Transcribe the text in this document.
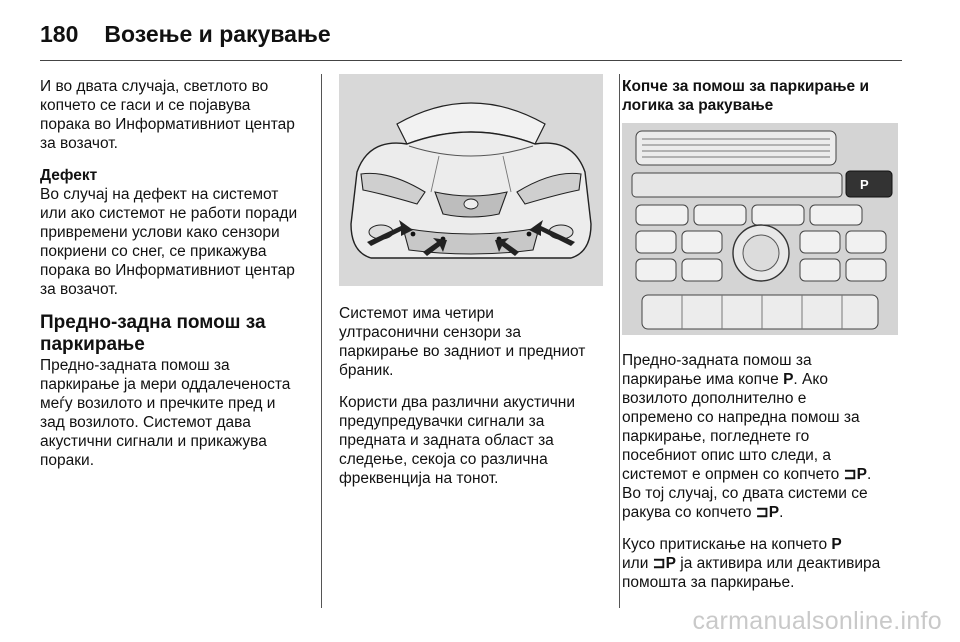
180 Возење и ракување

И во двата случаја, светлото во
копчето се гаси и се појавува
порака во Информативниот центар
за возачот.

Дефект

Во случај на дефект на системот
или ако системот не работи поради
привремени услови како сензори
покриени со снег, се прикажува
порака во Информативниот центар
за возачот.

Предно-задна помош за
паркирање

Предно-задната помош за
паркирање ја мери оддалеченоста
меѓу возилото и пречките пред и
зад возилото. Системот дава
акустични сигнали и прикажува
пораки.

Системот има четири
ултрасонични сензори за
паркирање во задниот и предниот
браник.

Користи два различни акустични
предупредувачки сигнали за
предната и задната област за
следење, секоја со различна
фреквенција на тонот.

Копче за помош за паркирање и
логика за ракување
P

Предно-задната помош за
паркирање има копче P. Ако
возилото дополнително е
опремено со напредна помош за
паркирање, погледнете го
посебниот опис што следи, а
системот е опрмен со копчето ⊐P.
Во тој случај, со двата системи се
ракува со копчето ⊐P.

Кусо притискање на копчето P
или ⊐P ја активира или деактивира
помошта за паркирање.

carmanualsonline.info
